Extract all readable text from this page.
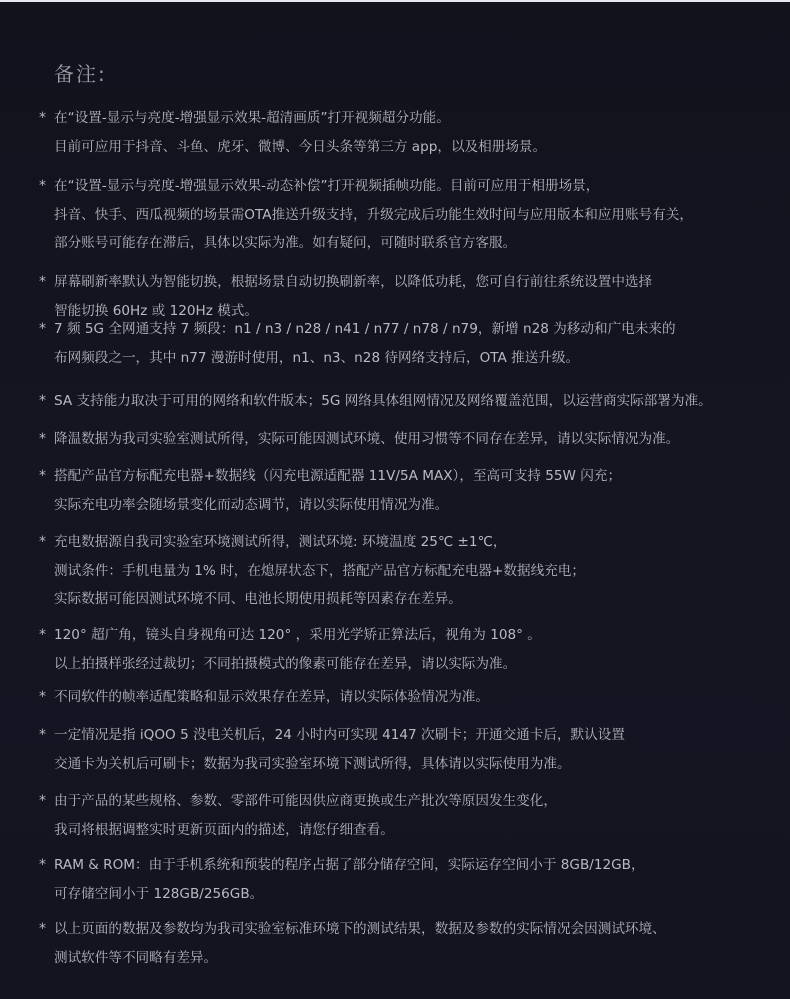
备注:
* 在“设置-显示与亮度-增强显示效果-超清画质”打开视频超分功能。
目前可应用于抖音、斗鱼、虎牙、微博、今日头条等第三方 app，以及相册场景。
* 在“设置-显示与亮度-增强显示效果-动态补偿”打开视频插帧功能。目前可应用于相册场景，
抖音、快手、西瓜视频的场景需OTA推送升级支持，升级完成后功能生效时间与应用版本和应用账号有关，
部分账号可能存在滞后，具体以实际为准。如有疑问，可随时联系官方客服。
* 屏幕刷新率默认为智能切换，根据场景自动切换刷新率，以降低功耗，您可自行前往系统设置中选择
智能切换 60Hz 或 120Hz 模式。
* 7 频 5G 全网通支持 7 频段：n1 / n3 / n28 / n41 / n77 / n78 / n79，新增 n28 为移动和广电未来的
布网频段之一，其中 n77 漫游时使用，n1、n3、n28 待网络支持后，OTA 推送升级。
* SA 支持能力取决于可用的网络和软件版本；5G 网络具体组网情况及网络覆盖范围，以运营商实际部署为准。
* 降温数据为我司实验室测试所得，实际可能因测试环境、使用习惯等不同存在差异，请以实际情况为准。
* 搭配产品官方标配充电器+数据线（闪充电源适配器 11V/5A MAX），至高可支持 55W 闪充；
实际充电功率会随场景变化而动态调节，请以实际使用情况为准。
* 充电数据源自我司实验室环境测试所得，测试环境: 环境温度 25℃ ±1℃，
测试条件：手机电量为 1% 时，在熄屏状态下，搭配产品官方标配充电器+数据线充电；
实际数据可能因测试环境不同、电池长期使用损耗等因素存在差异。
* 120° 超广角，镜头自身视角可达 120° ，采用光学矫正算法后，视角为 108° 。
以上拍摄样张经过裁切；不同拍摄模式的像素可能存在差异，请以实际为准。
* 不同软件的帧率适配策略和显示效果存在差异，请以实际体验情况为准。
* 一定情况是指 iQOO 5 没电关机后，24 小时内可实现 4147 次刷卡；开通交通卡后，默认设置
交通卡为关机后可刷卡；数据为我司实验室环境下测试所得，具体请以实际使用为准。
* 由于产品的某些规格、参数、零部件可能因供应商更换或生产批次等原因发生变化，
我司将根据调整实时更新页面内的描述，请您仔细查看。
* RAM & ROM：由于手机系统和预装的程序占据了部分储存空间，实际运存空间小于 8GB/12GB，
可存储空间小于 128GB/256GB。
* 以上页面的数据及参数均为我司实验室标准环境下的测试结果，数据及参数的实际情况会因测试环境、
测试软件等不同略有差异。
